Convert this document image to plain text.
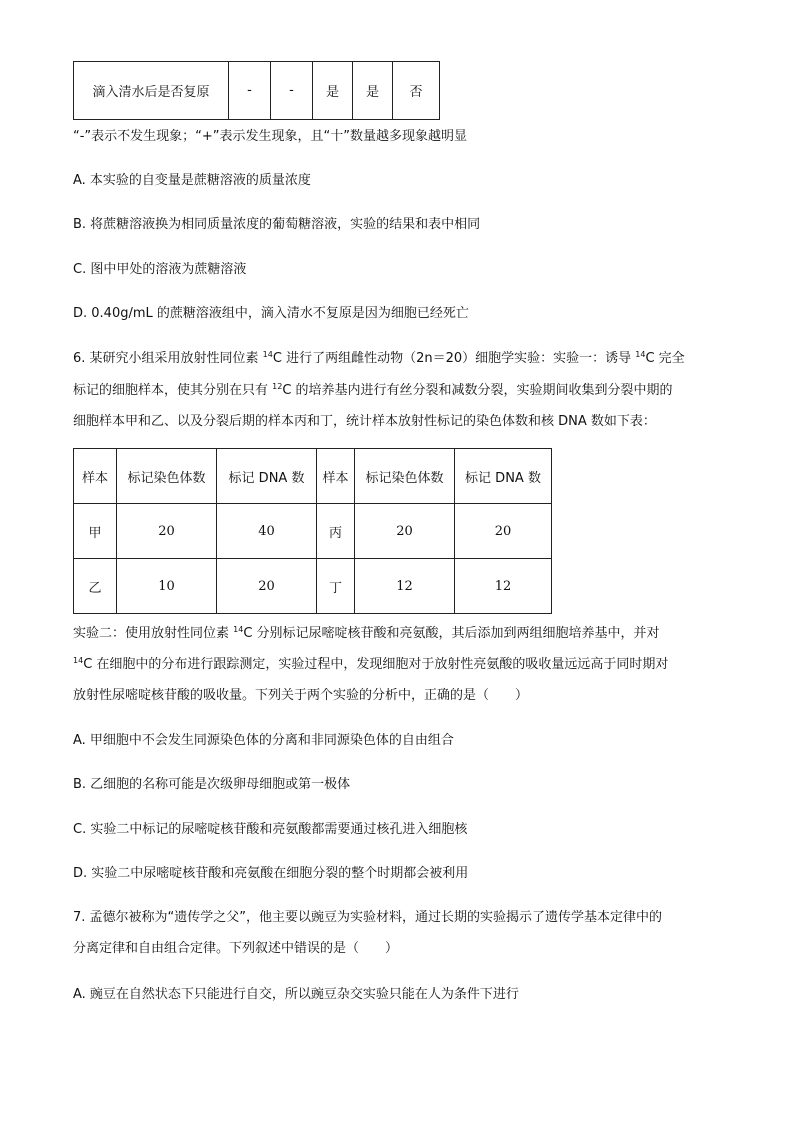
滴入清水后是否复原	-	-	是	是	否
“-”表示不发生现象；“+”表示发生现象，且“十”数量越多现象越明显
A. 本实验的自变量是蔗糖溶液的质量浓度
B. 将蔗糖溶液换为相同质量浓度的葡萄糖溶液，实验的结果和表中相同
C. 图中甲处的溶液为蔗糖溶液
D. 0.40g/mL 的蔗糖溶液组中，滴入清水不复原是因为细胞已经死亡
6. 某研究小组采用放射性同位素 $^{14}$C 进行了两组雌性动物（2n＝20）细胞学实验：实验一：诱导 $^{14}$C 完全
标记的细胞样本，使其分别在只有 $^{12}$C 的培养基内进行有丝分裂和减数分裂，实验期间收集到分裂中期的
细胞样本甲和乙、以及分裂后期的样本丙和丁，统计样本放射性标记的染色体数和核 DNA 数如下表：
样本	标记染色体数	标记 DNA 数	样本	标记染色体数	标记 DNA 数
甲	20	40	丙	20	20
乙	10	20	丁	12	12
实验二：使用放射性同位素 $^{14}$C 分别标记尿嘧啶核苷酸和亮氨酸，其后添加到两组细胞培养基中，并对
$^{14}$C 在细胞中的分布进行跟踪测定，实验过程中，发现细胞对于放射性亮氨酸的吸收量远远高于同时期对
放射性尿嘧啶核苷酸的吸收量。下列关于两个实验的分析中，正确的是（　　）
A. 甲细胞中不会发生同源染色体的分离和非同源染色体的自由组合
B. 乙细胞的名称可能是次级卵母细胞或第一极体
C. 实验二中标记的尿嘧啶核苷酸和亮氨酸都需要通过核孔进入细胞核
D. 实验二中尿嘧啶核苷酸和亮氨酸在细胞分裂的整个时期都会被利用
7. 孟德尔被称为“遗传学之父”，他主要以豌豆为实验材料，通过长期的实验揭示了遗传学基本定律中的
分离定律和自由组合定律。下列叙述中错误的是（　　）
A. 豌豆在自然状态下只能进行自交，所以豌豆杂交实验只能在人为条件下进行
